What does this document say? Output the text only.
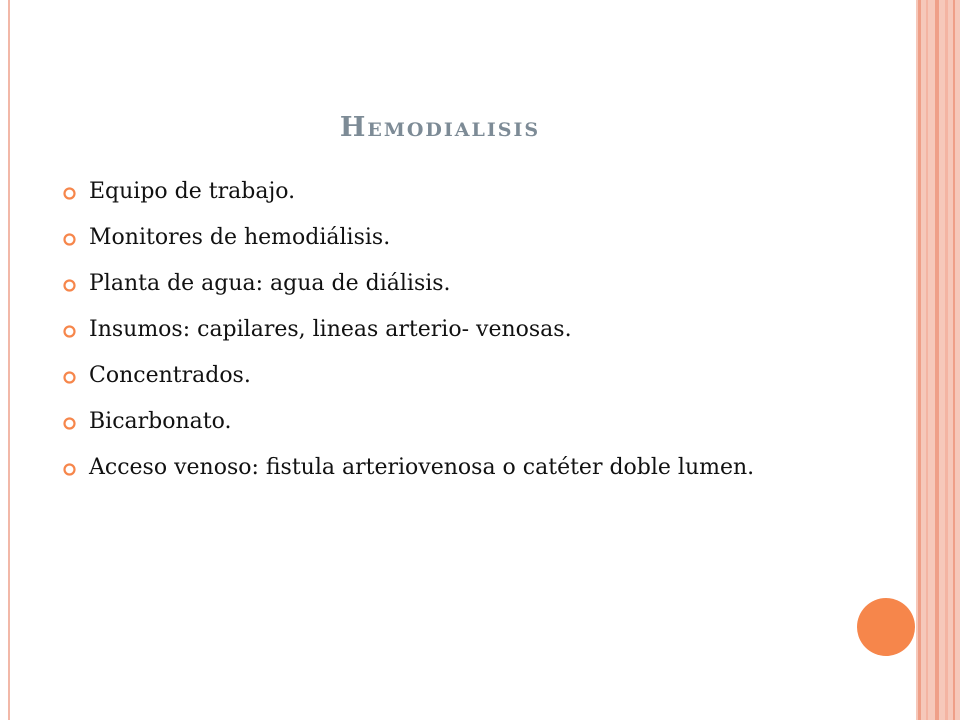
Hemodialisis
Equipo de trabajo.
Monitores de hemodiálisis.
Planta de agua: agua de diálisis.
Insumos: capilares, lineas arterio- venosas.
Concentrados.
Bicarbonato.
Acceso venoso: fistula arteriovenosa o catéter doble lumen.
